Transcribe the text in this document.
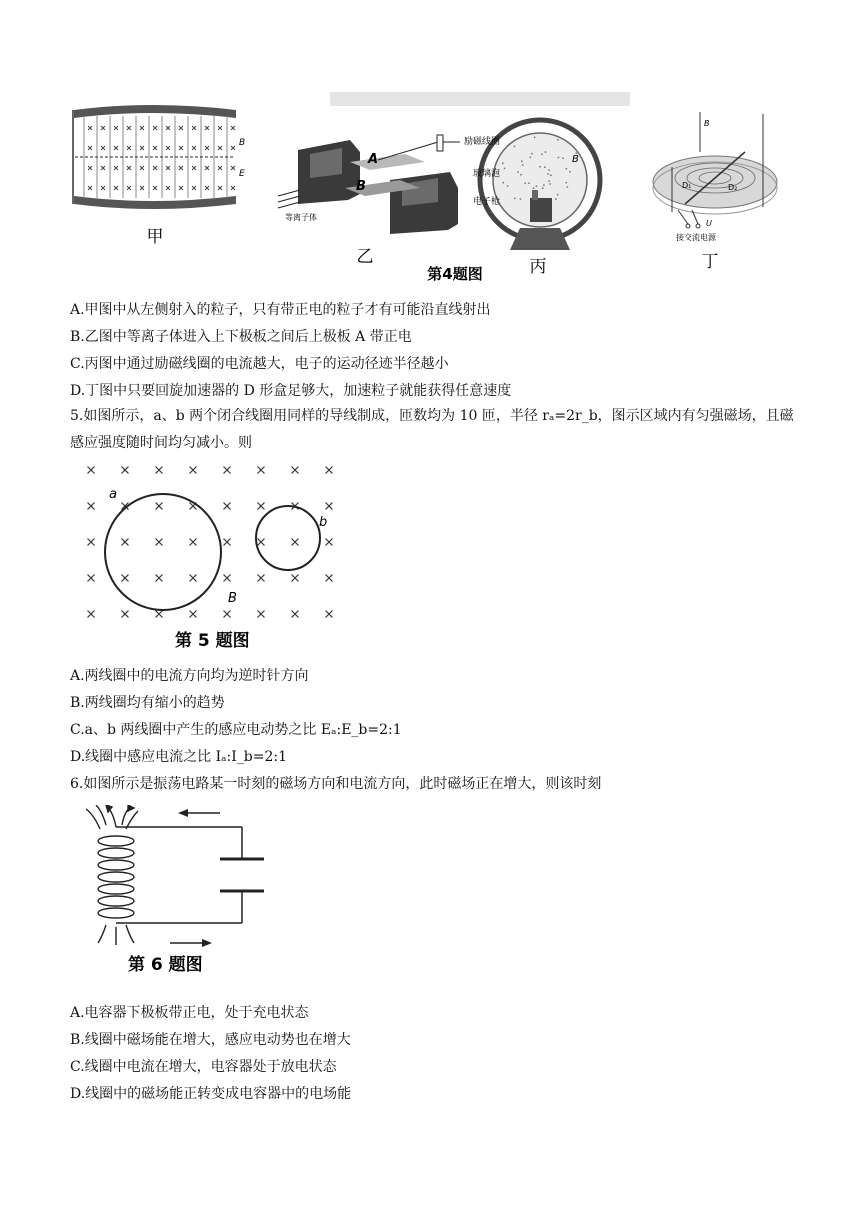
B
E
甲
A
B
等离子体
乙
励磁线圈
玻璃泡
电子枪
B
丙
B
D₁	D₂
U
接交流电源
丁
第4题图
A.甲图中从左侧射入的粒子，只有带正电的粒子才有可能沿直线射出
B.乙图中等离子体进入上下极板之间后上极板 A 带正电
C.丙图中通过励磁线圈的电流越大，电子的运动径迹半径越小
D.丁图中只要回旋加速器的 D 形盒足够大，加速粒子就能获得任意速度
5.如图所示，a、b 两个闭合线圈用同样的导线制成，匝数均为 10 匝，半径 rₐ=2r_b，图示区域内有匀强磁场，且磁感应强度随时间均匀减小。则
a
b
B
第 5 题图
A.两线圈中的电流方向均为逆时针方向
B.两线圈均有缩小的趋势
C.a、b 两线圈中产生的感应电动势之比 Eₐ:E_b=2:1
D.线圈中感应电流之比 Iₐ:I_b=2:1
6.如图所示是振荡电路某一时刻的磁场方向和电流方向，此时磁场正在增大，则该时刻
第 6 题图
A.电容器下极板带正电，处于充电状态
B.线圈中磁场能在增大，感应电动势也在增大
C.线圈中电流在增大，电容器处于放电状态
D.线圈中的磁场能正转变成电容器中的电场能
